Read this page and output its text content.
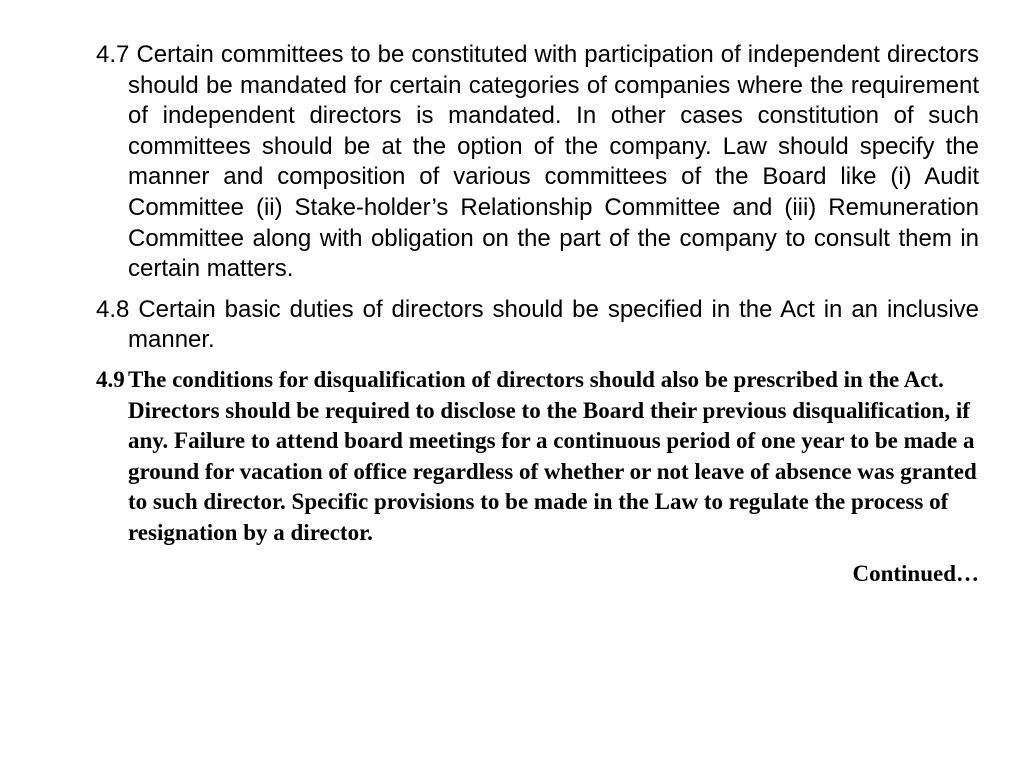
4.7 Certain committees to be constituted with participation of independent directors should be mandated for certain categories of companies where the requirement of independent directors is mandated. In other cases constitution of such committees should be at the option of the company. Law should specify the manner and composition of various committees of the Board like (i) Audit Committee (ii) Stake-holder’s Relationship Committee and (iii) Remuneration Committee along with obligation on the part of the company to consult them in certain matters.

4.8 Certain basic duties of directors should be specified in the Act in an inclusive manner.

4.9 The conditions for disqualification of directors should also be prescribed in the Act. Directors should be required to disclose to the Board their previous disqualification, if any. Failure to attend board meetings for a continuous period of one year to be made a ground for vacation of office regardless of whether or not leave of absence was granted to such director. Specific provisions to be made in the Law to regulate the process of resignation by a director.

Continued…
